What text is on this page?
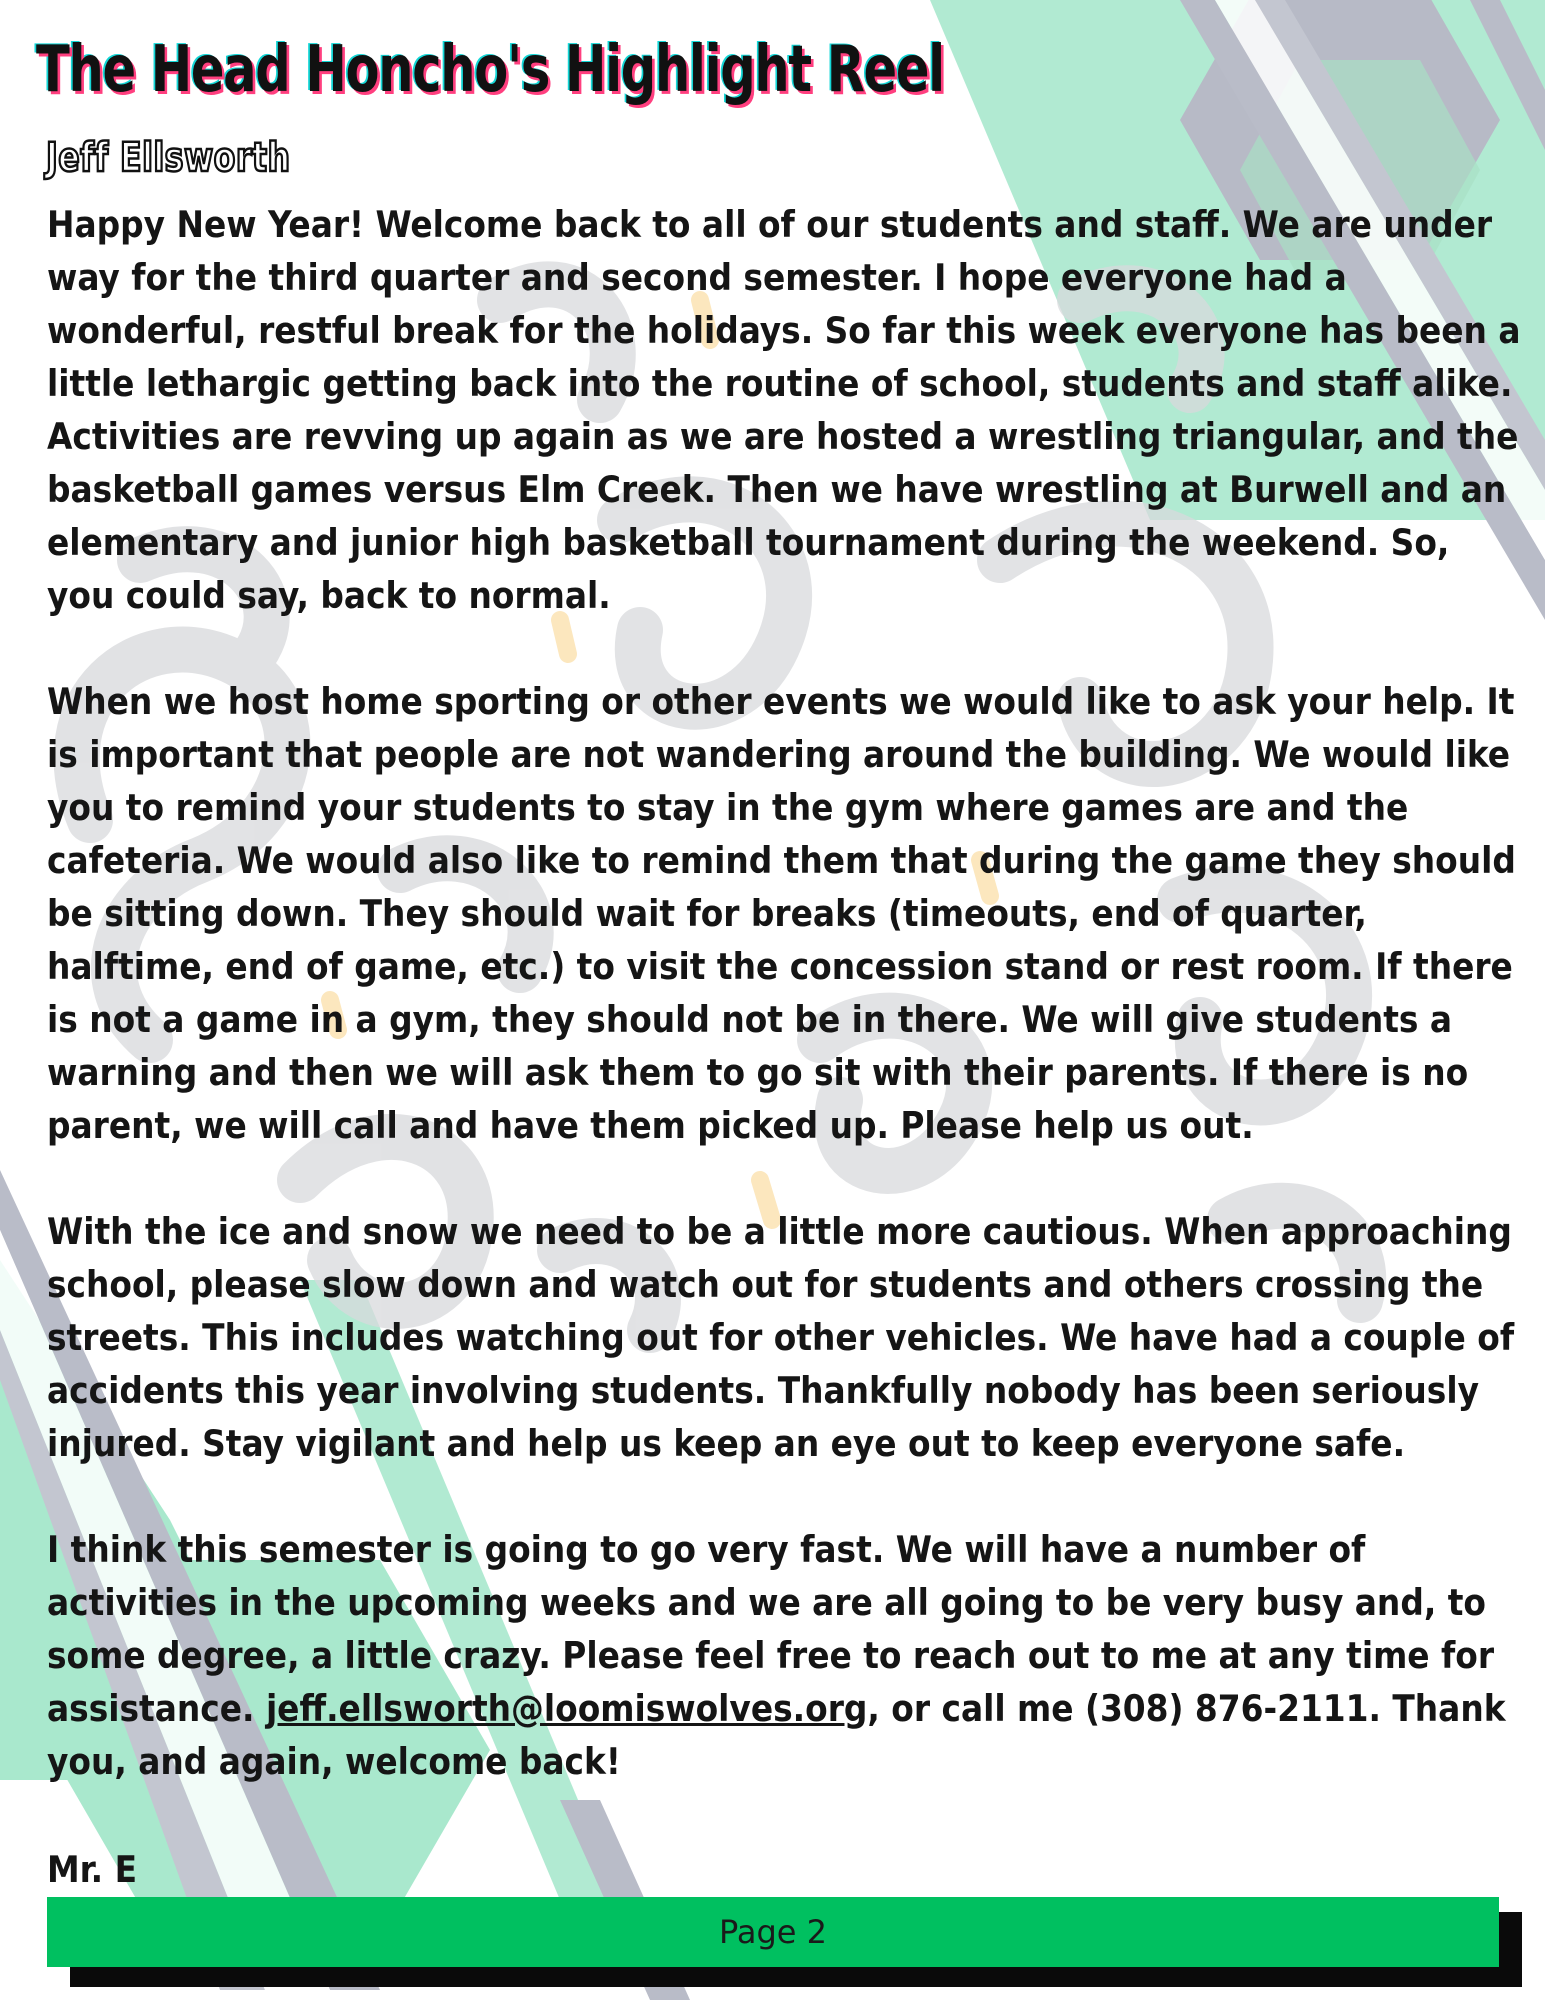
The Head Honcho's Highlight Reel
Jeff Ellsworth

Happy New Year! Welcome back to all of our students and staff. We are under
way for the third quarter and second semester. I hope everyone had a
wonderful, restful break for the holidays. So far this week everyone has been a
little lethargic getting back into the routine of school, students and staff alike.
Activities are revving up again as we are hosted a wrestling triangular, and the
basketball games versus Elm Creek. Then we have wrestling at Burwell and an
elementary and junior high basketball tournament during the weekend. So,
you could say, back to normal.

When we host home sporting or other events we would like to ask your help. It
is important that people are not wandering around the building. We would like
you to remind your students to stay in the gym where games are and the
cafeteria. We would also like to remind them that during the game they should
be sitting down. They should wait for breaks (timeouts, end of quarter,
halftime, end of game, etc.) to visit the concession stand or rest room. If there
is not a game in a gym, they should not be in there. We will give students a
warning and then we will ask them to go sit with their parents. If there is no
parent, we will call and have them picked up. Please help us out.

With the ice and snow we need to be a little more cautious. When approaching
school, please slow down and watch out for students and others crossing the
streets. This includes watching out for other vehicles. We have had a couple of
accidents this year involving students. Thankfully nobody has been seriously
injured. Stay vigilant and help us keep an eye out to keep everyone safe.

I think this semester is going to go very fast. We will have a number of
activities in the upcoming weeks and we are all going to be very busy and, to
some degree, a little crazy. Please feel free to reach out to me at any time for
assistance. jeff.ellsworth@loomiswolves.org, or call me (308) 876-2111. Thank
you, and again, welcome back!

Mr. E
Page 2
